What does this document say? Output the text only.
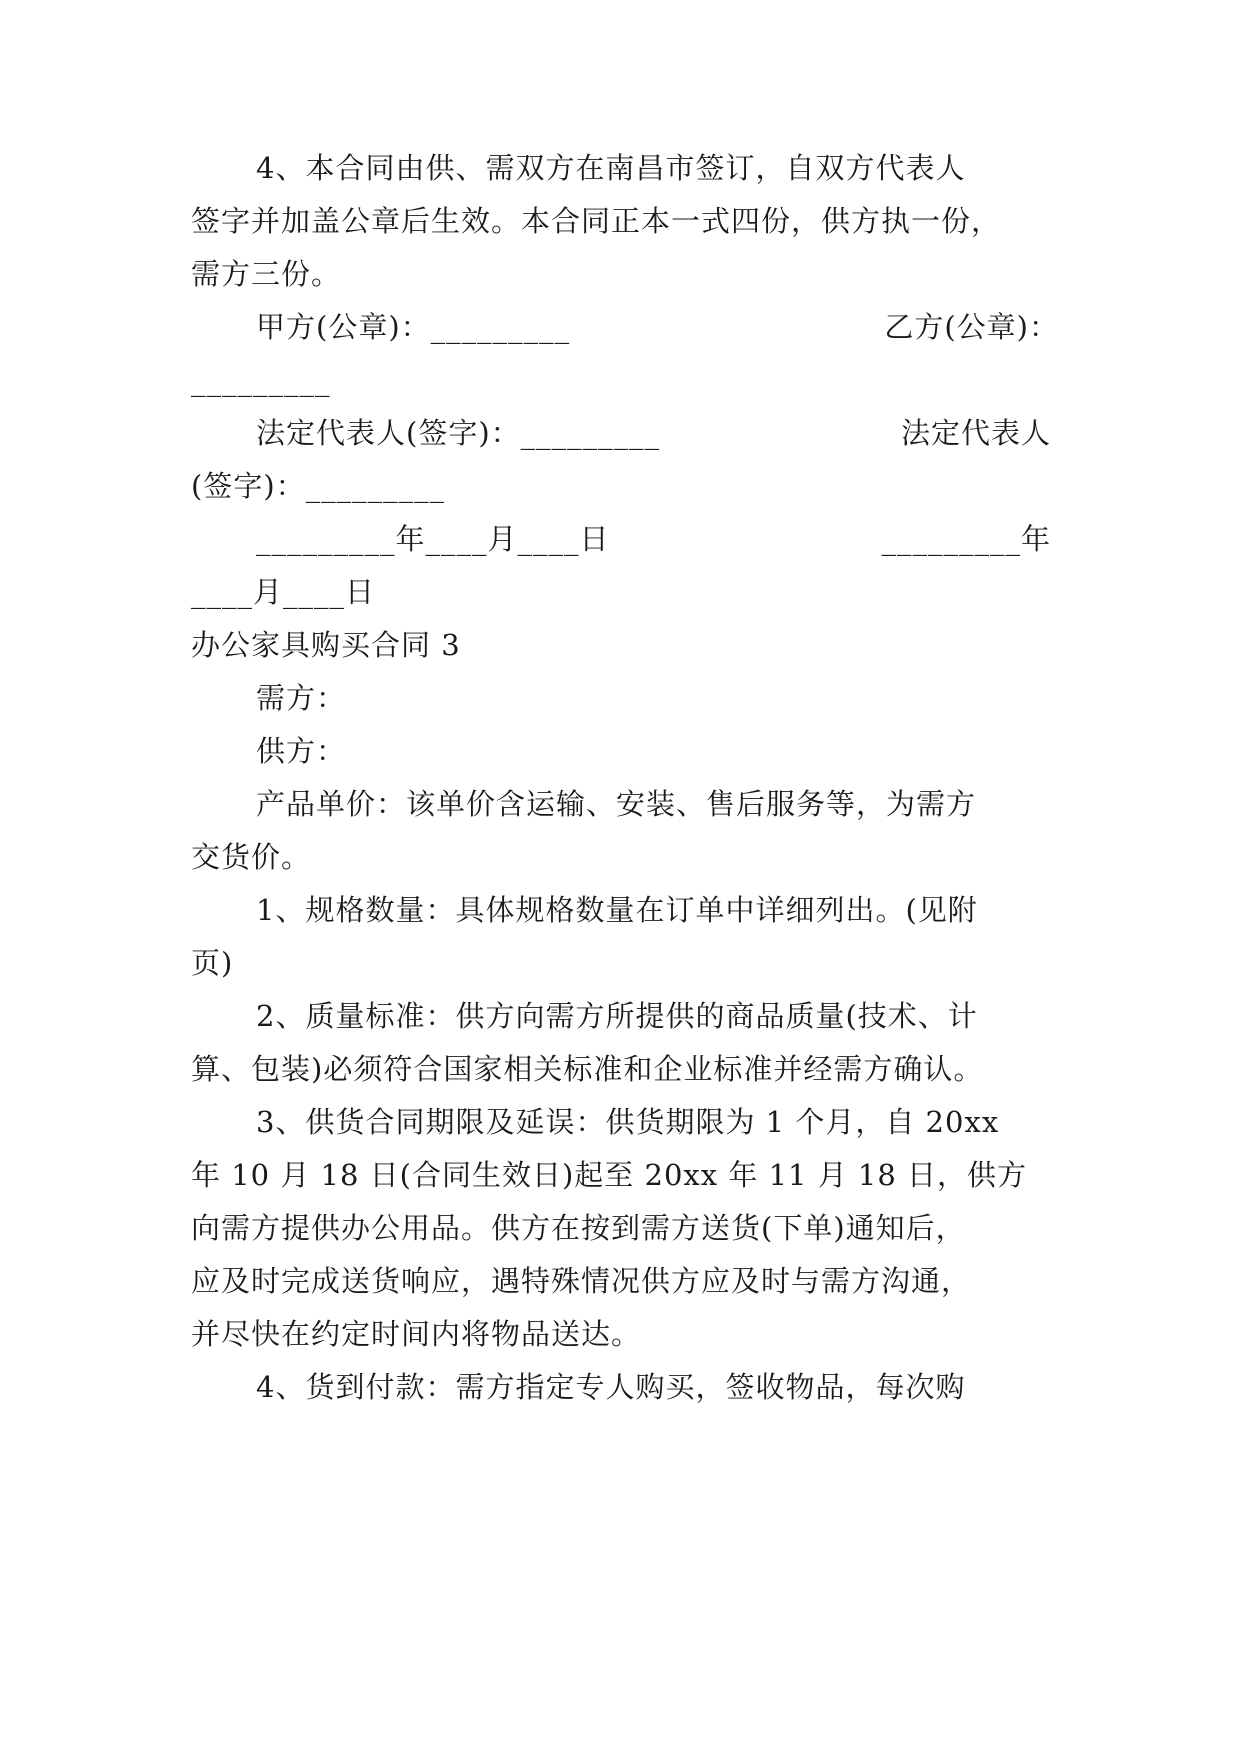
4、本合同由供、需双方在南昌市签订，自双方代表人
签字并加盖公章后生效。本合同正本一式四份，供方执一份，
需方三份。
甲方(公章)：_________	乙方(公章)：
_________
法定代表人(签字)：_________	法定代表人
(签字)：_________
_________年____月____日	_________年
____月____日
办公家具购买合同 3
需方：
供方：
产品单价：该单价含运输、安装、售后服务等，为需方
交货价。
1、规格数量：具体规格数量在订单中详细列出。(见附
页)
2、质量标准：供方向需方所提供的商品质量(技术、计
算、包装)必须符合国家相关标准和企业标准并经需方确认。
3、供货合同期限及延误：供货期限为 1 个月，自 20xx
年 10 月 18 日(合同生效日)起至 20xx 年 11 月 18 日，供方
向需方提供办公用品。供方在按到需方送货(下单)通知后，
应及时完成送货响应，遇特殊情况供方应及时与需方沟通，
并尽快在约定时间内将物品送达。
4、货到付款：需方指定专人购买，签收物品，每次购
